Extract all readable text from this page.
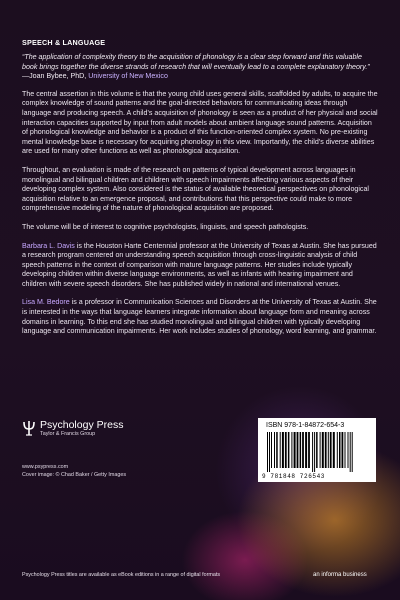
SPEECH & LANGUAGE
“The application of complexity theory to the acquisition of phonology is a clear step forward and this valuable book brings together the diverse strands of research that will eventually lead to a complete explanatory theory.” —Joan Bybee, PhD, University of New Mexico

The central assertion in this volume is that the young child uses general skills, scaffolded by adults, to acquire the complex knowledge of sound patterns and the goal-directed behaviors for communicating ideas through language and producing speech. A child’s acquisition of phonology is seen as a product of her physical and social interaction capacities supported by input from adult models about ambient language sound patterns. Acquisition of phonological knowledge and behavior is a product of this function-oriented complex system. No pre-existing mental knowledge base is necessary for acquiring phonology in this view. Importantly, the child’s diverse abilities are used for many other functions as well as phonological acquisition.

Throughout, an evaluation is made of the research on patterns of typical development across languages in monolingual and bilingual children and children with speech impairments affecting various aspects of their developing complex system. Also considered is the status of available theoretical perspectives on phonological acquisition relative to an emergence proposal, and contributions that this perspective could make to more comprehensive modeling of the nature of phonological acquisition are proposed.

The volume will be of interest to cognitive psychologists, linguists, and speech pathologists.

Barbara L. Davis is the Houston Harte Centennial professor at the University of Texas at Austin. She has pursued a research program centered on understanding speech acquisition through cross-linguistic analysis of child speech patterns in the context of comparison with mature language patterns. Her studies include typically developing children within diverse language environments, as well as infants with hearing impairment and children with severe speech disorders. She has published widely in national and international venues.

Lisa M. Bedore is a professor in Communication Sciences and Disorders at the University of Texas at Austin. She is interested in the ways that language learners integrate information about language form and meaning across domains in learning. To this end she has studied monolingual and bilingual children with typically developing language and communication impairments. Her work includes studies of phonology, word learning, and grammar.

Psychology Press
Taylor & Francis Group
www.psypress.com
Cover image: © Chad Baker / Getty Images
ISBN 978-1-84872-654-3
9 781848 726543
Psychology Press titles are available as eBook editions in a range of digital formats	an informa business
